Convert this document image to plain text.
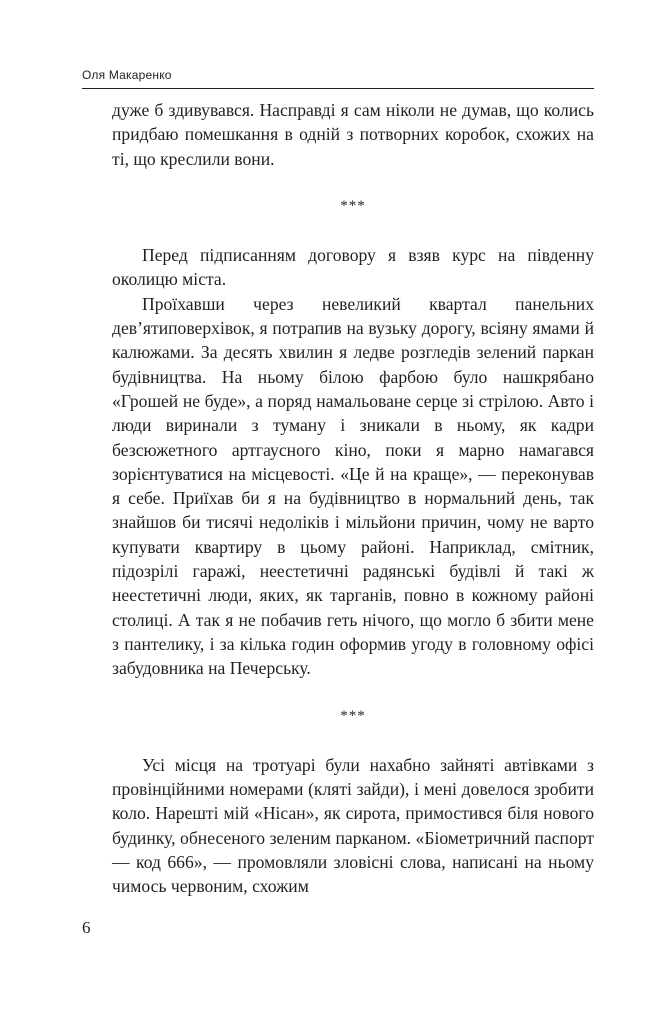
Оля Макаренко

дуже б здивувався. Насправді я сам ніколи не думав, що колись придбаю помешкання в одній з потворних коробок, схожих на ті, що креслили вони.

***

Перед підписанням договору я взяв курс на південну околицю міста.

Проїхавши через невеликий квартал панельних дев’ятиповерхівок, я потрапив на вузьку дорогу, всіяну ямами й калюжами. За десять хвилин я ледве розгледів зелений паркан будівництва. На ньому білою фарбою було нашкрябано «Грошей не буде», а поряд намальоване серце зі стрілою. Авто і люди виринали з туману і зникали в ньому, як кадри безсюжетного артгаусного кіно, поки я марно намагався зорієнтуватися на місцевості. «Це й на краще», — переконував я себе. Приїхав би я на будівництво в нормальний день, так знайшов би тисячі недоліків і мільйони причин, чому не варто купувати квартиру в цьому районі. Наприклад, смітник, підозрілі гаражі, неестетичні радянські будівлі й такі ж неестетичні люди, яких, як тарганів, повно в кожному районі столиці. А так я не побачив геть нічого, що могло б збити мене з пантелику, і за кілька годин оформив угоду в головному офісі забудовника на Печерську.

***

Усі місця на тротуарі були нахабно зайняті автівками з провінційними номерами (кляті зайди), і мені довелося зробити коло. Нарешті мій «Нісан», як сирота, примостився біля нового будинку, обнесеного зеленим парканом. «Біометричний паспорт — код 666», — промовляли зловісні слова, написані на ньому чимось червоним, схожим

6
